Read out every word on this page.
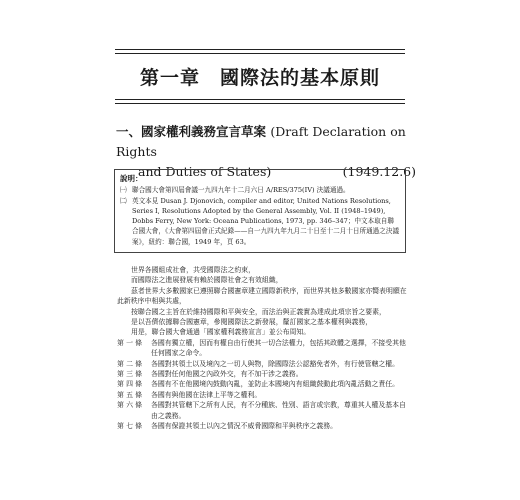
第一章　國際法的基本原則
一、國家權利義務宣言草案 (Draft Declaration on Rights
and Duties of States)	(1949.12.6)
說明：
㈠ 聯合國大會第四屆會議一九四九年十二月六日 A/RES/375(IV) 決議通過。
㈡ 英文本見 Dusan J. Djonovich, compiler and editor, United Nations Resolutions, Series I, Resolutions Adopted by the General Assembly, Vol. II (1948–1949), Dobbs Ferry, New York: Oceana Publications, 1973, pp. 346–347；中文本取自聯合國大會，《大會第四屆會正式紀錄——自一九四九年九月二十日至十二月十日所通過之決議案》，紐約：聯合國，1949 年，頁 63。

世界各國組成社會，共受國際法之約束，

而國際法之進展發展有賴於國際社會之有效組織，

茲者世界大多數國家已遵照聯合國憲章建立國際新秩序，而世界其他多數國家亦嚮表明願在此新秩序中相與共處，

按聯合國之主旨在於維持國際和平與安全，而法治與正義實為達成此項宗旨之要素，

是以吾儕依據聯合國憲章，參閱國際法之新發展，釐訂國家之基本權利與義務，

用是，聯合國大會通過「國家權利義務宣言」並公布周知。

第 一 條	各國有獨立權，因而有權自由行使其一切合法權力，包括其政體之選擇，不接受其他任何國家之命令。
第 二 條	各國對其領土以及境內之一切人與物，除國際法公認豁免者外，有行使管轄之權。
第 三 條	各國對任何他國之內政外交，有不加干涉之義務。
第 四 條	各國有不在他國境內鼓動內亂，並防止本國境內有組織鼓動此項內亂活動之責任。
第 五 條	各國有與他國在法律上平等之權利。
第 六 條	各國對其管轄下之所有人民，有不分種族、性別、語言或宗教，尊重其人權及基本自由之義務。
第 七 條	各國有保證其領土以內之情況不威脅國際和平與秩序之義務。
